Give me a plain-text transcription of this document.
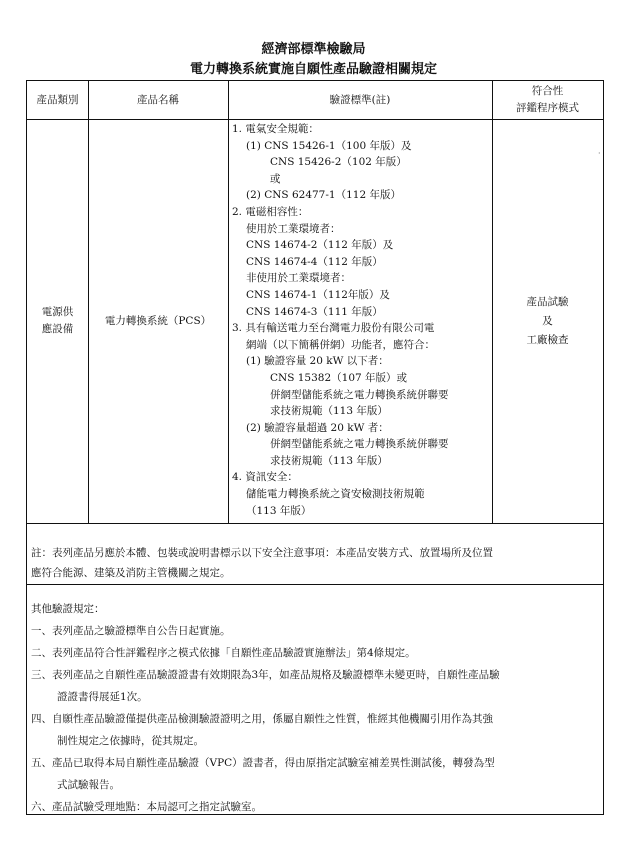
經濟部標準檢驗局
電力轉換系統實施自願性產品驗證相關規定
產品類別	產品名稱	驗證標準(註)
符合性
評鑑程序模式
電源供
應設備
電力轉換系統（PCS）
1. 電氣安全規範：
(1) CNS 15426-1（100 年版）及
CNS 15426-2（102 年版）
或
(2) CNS 62477-1（112 年版）
2. 電磁相容性：
使用於工業環境者：
CNS 14674-2（112 年版）及
CNS 14674-4（112 年版）
非使用於工業環境者：
CNS 14674-1（112年版）及
CNS 14674-3（111 年版）
3. 具有輸送電力至台灣電力股份有限公司電
網端（以下簡稱併網）功能者，應符合：
(1) 驗證容量 20 kW 以下者：
CNS 15382（107 年版）或
併網型儲能系統之電力轉換系統併聯要
求技術規範（113 年版）
(2) 驗證容量超過 20 kW 者：
併網型儲能系統之電力轉換系統併聯要
求技術規範（113 年版）
4. 資訊安全：
儲能電力轉換系統之資安檢測技術規範
（113 年版）
產品試驗
及
工廠檢查
·
註：表列產品另應於本體、包裝或說明書標示以下安全注意事項：本產品安裝方式、放置場所及位置
應符合能源、建築及消防主管機關之規定。
其他驗證規定：
一、 表列產品之驗證標準自公告日起實施。
二、 表列產品符合性評鑑程序之模式依據「自願性產品驗證實施辦法」第4條規定。
三、 表列產品之自願性產品驗證證書有效期限為3年，如產品規格及驗證標準未變更時，自願性產品驗
證證書得展延1次。
四、 自願性產品驗證僅提供產品檢測驗證證明之用，係屬自願性之性質，惟經其他機關引用作為其強
制性規定之依據時，從其規定。
五、 產品已取得本局自願性產品驗證（VPC）證書者，得由原指定試驗室補差異性測試後，轉發為型
式試驗報告。
六、 產品試驗受理地點：本局認可之指定試驗室。
